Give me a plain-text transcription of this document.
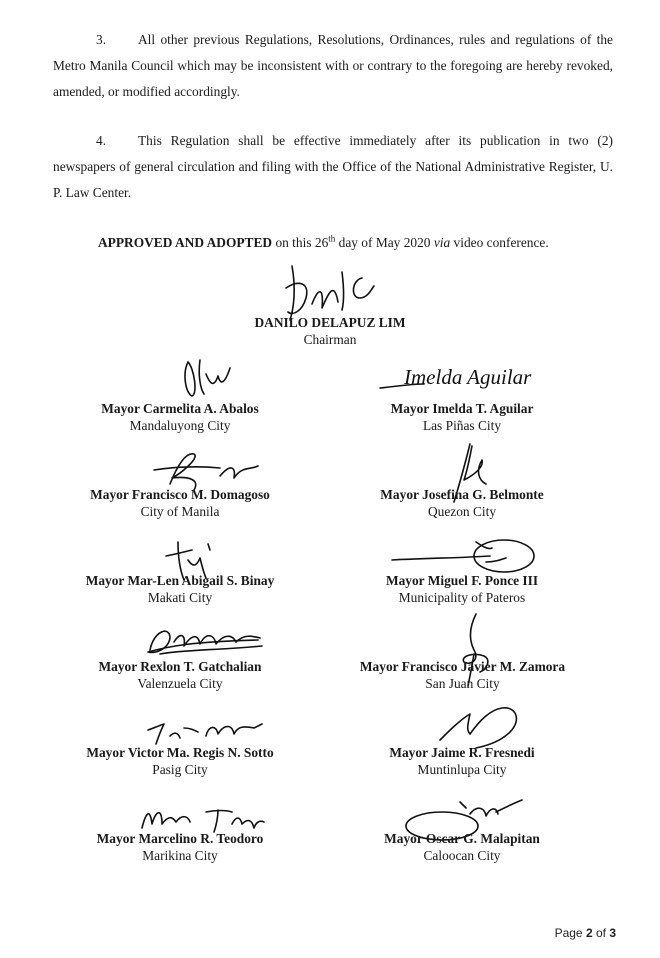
3. All other previous Regulations, Resolutions, Ordinances, rules and regulations of the Metro Manila Council which may be inconsistent with or contrary to the foregoing are hereby revoked, amended, or modified accordingly.
4. This Regulation shall be effective immediately after its publication in two (2) newspapers of general circulation and filing with the Office of the National Administrative Register, U. P. Law Center.
APPROVED AND ADOPTED on this 26th day of May 2020 via video conference.
DANILO DELAPUZ LIM
Chairman
Mayor Carmelita A. Abalos
Mandaluyong City
Mayor Francisco M. Domagoso
City of Manila
Mayor Mar-Len Abigail S. Binay
Makati City
Mayor Rexlon T. Gatchalian
Valenzuela City
Mayor Victor Ma. Regis N. Sotto
Pasig City
Mayor Marcelino R. Teodoro
Marikina City
Imelda Aguilar
Mayor Imelda T. Aguilar
Las Piñas City
Mayor Josefina G. Belmonte
Quezon City
Mayor Miguel F. Ponce III
Municipality of Pateros
Mayor Francisco Javier M. Zamora
San Juan City
Mayor Jaime R. Fresnedi
Muntinlupa City
Mayor Oscar G. Malapitan
Caloocan City
Page 2 of 3
